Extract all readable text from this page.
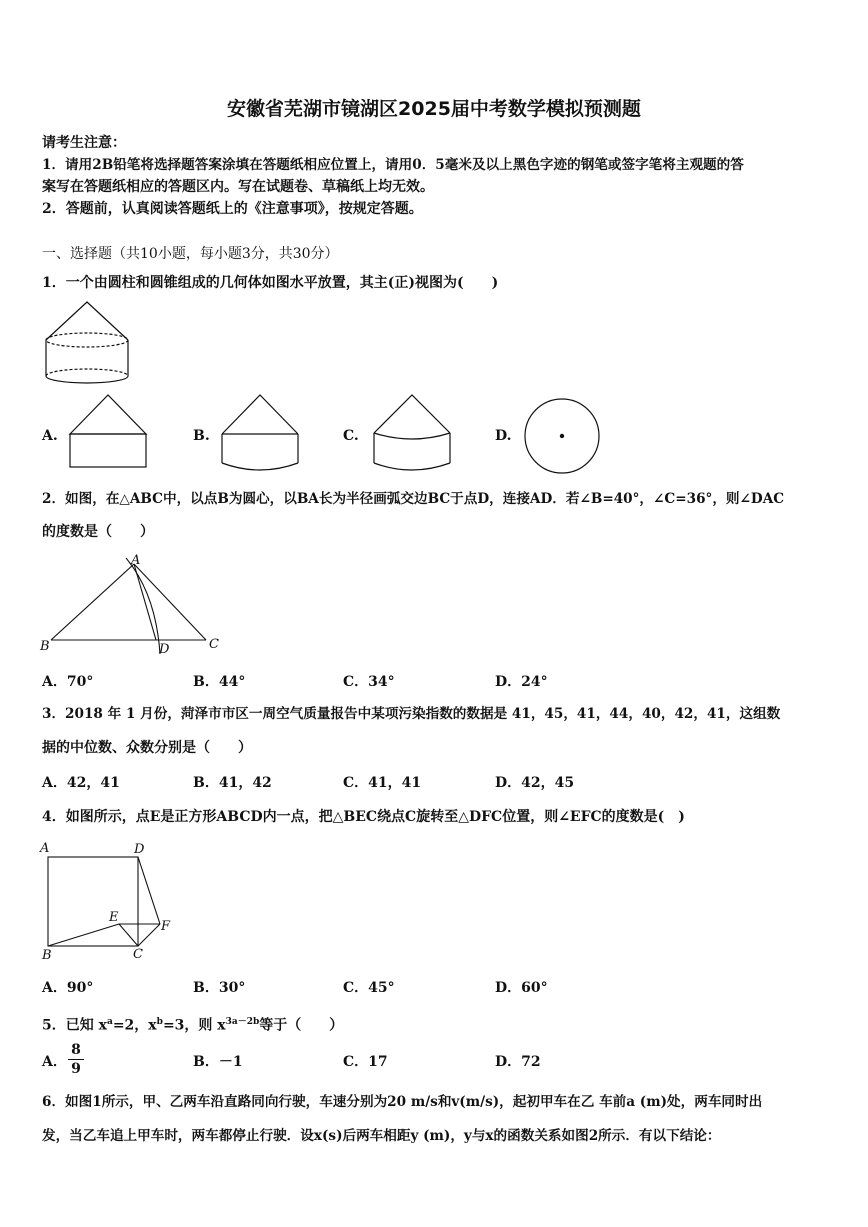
安徽省芜湖市镜湖区2025届中考数学模拟预测题
请考生注意：
1．请用2B铅笔将选择题答案涂填在答题纸相应位置上，请用0．5毫米及以上黑色字迹的钢笔或签字笔将主观题的答
案写在答题纸相应的答题区内。写在试题卷、草稿纸上均无效。
2．答题前，认真阅读答题纸上的《注意事项》，按规定答题。
一、选择题（共10小题，每小题3分，共30分）
1．一个由圆柱和圆锥组成的几何体如图水平放置，其主(正)视图为(　　)
A.	B.	C.	D.
2．如图，在△ABC中，以点B为圆心，以BA长为半径画弧交边BC于点D，连接AD．若∠B=40°，∠C=36°，则∠DAC
的度数是（　　）
A
B	D	C
A．70°	B．44°	C．34°	D．24°
3．2018 年 1 月份，菏泽市市区一周空气质量报告中某项污染指数的数据是 41，45，41，44，40，42，41，这组数
据的中位数、众数分别是（　　）
A．42，41	B．41，42	C．41，41	D．42，45
4．如图所示，点E是正方形ABCD内一点，把△BEC绕点C旋转至△DFC位置，则∠EFC的度数是(　)
A	D
E
F
B	C
A．90°	B．30°	C．45°	D．60°
5．已知 $x^a=2$，$x^b=3$，则 $x^{3a-2b}$等于（　　）
A． $\frac{8}{9}$	B．－1	C．17	D．72
6．如图1所示，甲、乙两车沿直路同向行驶，车速分别为20 m/s和v(m/s)，起初甲车在乙 车前a (m)处，两车同时出
发，当乙车追上甲车时，两车都停止行驶．设x(s)后两车相距y (m)，y与x的函数关系如图2所示．有以下结论：
